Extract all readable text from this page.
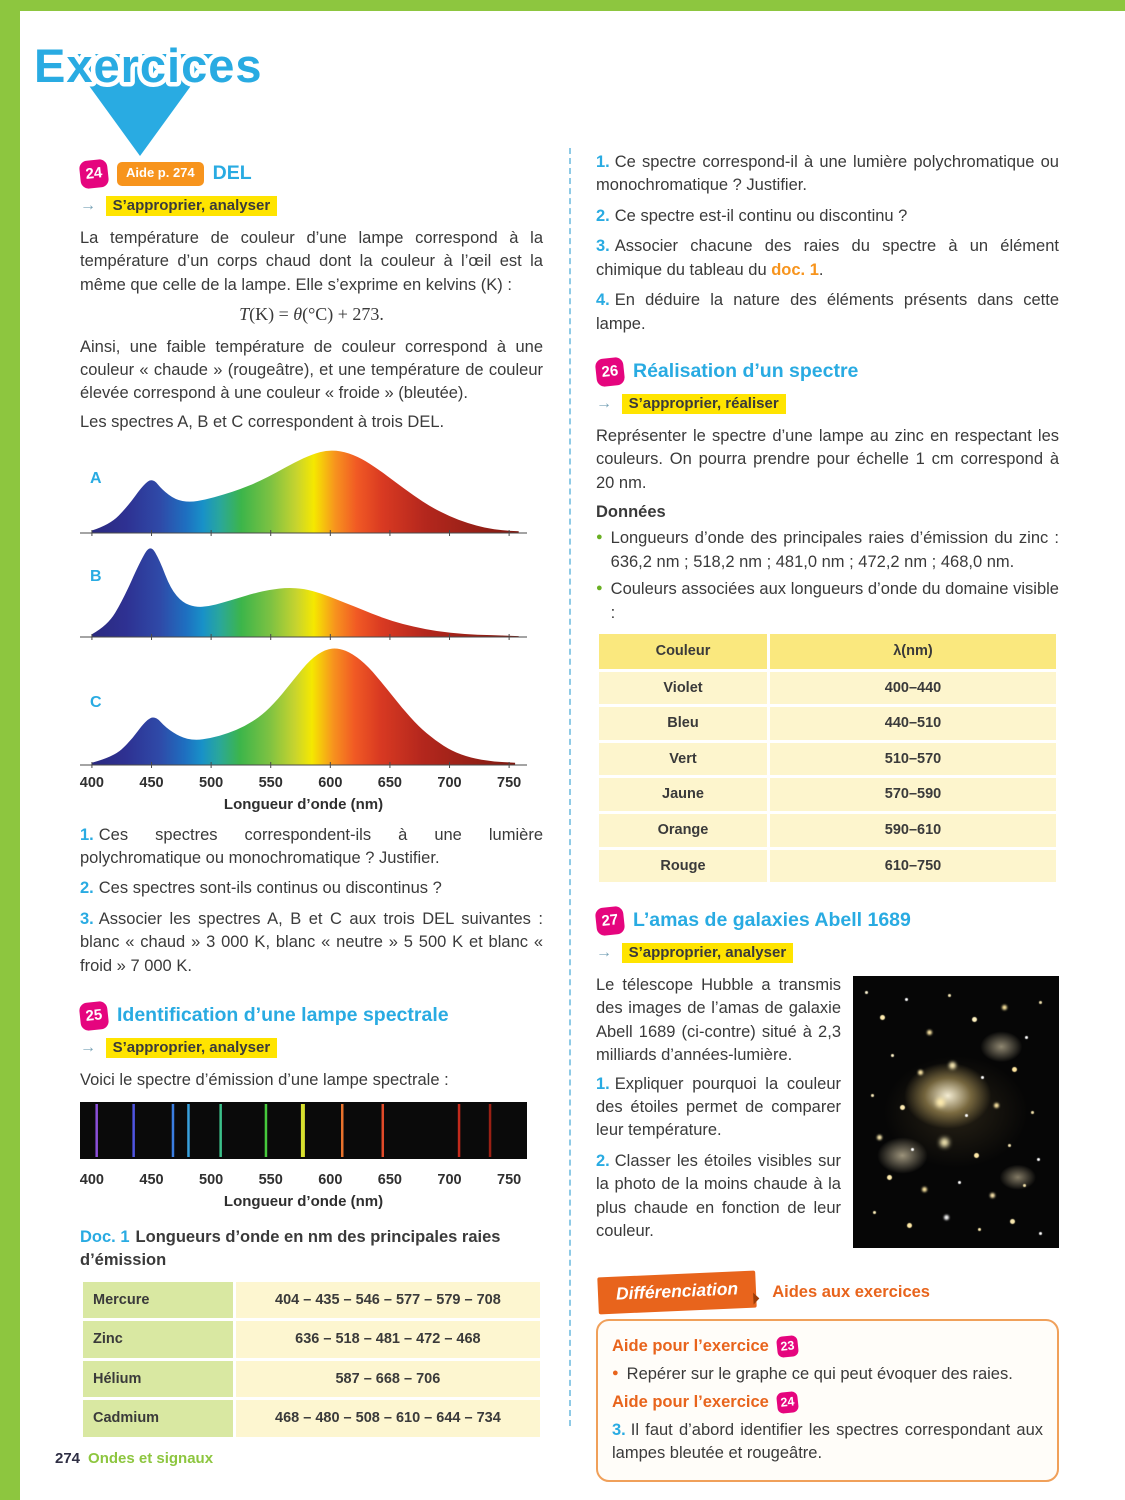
Exercices
24	Aide p. 274 DEL
→ S’approprier, analyser

La température de couleur d’une lampe correspond à la température d’un corps chaud dont la couleur à l’œil est la même que celle de la lampe. Elle s’exprime en kelvins (K) :

T(K) = θ(°C) + 273.

Ainsi, une faible température de couleur correspond à une couleur « chaude » (rougeâtre), et une température de couleur élevée correspond à une couleur « froide » (bleutée).

Les spectres A, B et C correspondent à trois DEL.

A
B
C
400 450 500 550 600 650 700 750
Longueur d’onde (nm)

1. Ces spectres correspondent-ils à une lumière polychromatique ou monochromatique ? Justifier.

2. Ces spectres sont-ils continus ou discontinus ?

3. Associer les spectres A, B et C aux trois DEL suivantes : blanc « chaud » 3 000 K, blanc « neutre » 5 500 K et blanc « froid » 7 000 K.

25 Identification d’une lampe spectrale
→ S’approprier, analyser

Voici le spectre d’émission d’une lampe spectrale :

400 450 500 550 600 650 700 750
Longueur d’onde (nm)

Doc. 1 Longueurs d’onde en nm des principales raies d’émission

Mercure	404 – 435 – 546 – 577 – 579 – 708
Zinc	636 – 518 – 481 – 472 – 468
Hélium	587 – 668 – 706
Cadmium	468 – 480 – 508 – 610 – 644 – 734

1. Ce spectre correspond-il à une lumière polychromatique ou monochromatique ? Justifier.

2. Ce spectre est-il continu ou discontinu ?

3. Associer chacune des raies du spectre à un élément chimique du tableau du doc. 1.

4. En déduire la nature des éléments présents dans cette lampe.

26 Réalisation d’un spectre
→ S’approprier, réaliser

Représenter le spectre d’une lampe au zinc en respectant les couleurs. On pourra prendre pour échelle 1 cm correspond à 20 nm.

Données

● Longueurs d’onde des principales raies d’émission du zinc : 636,2 nm ; 518,2 nm ; 481,0 nm ; 472,2 nm ; 468,0 nm.
● Couleurs associées aux longueurs d’onde du domaine visible :
Couleur	λ(nm)
Violet	400–440
Bleu	440–510
Vert	510–570
Jaune	570–590
Orange	590–610
Rouge	610–750
27 L’amas de galaxies Abell 1689
→ S’approprier, analyser

Le télescope Hubble a transmis des images de l’amas de galaxie Abell 1689 (ci-contre) situé à 2,3 milliards d’années-lumière.

1. Expliquer pourquoi la couleur des étoiles permet de comparer leur température.

2. Classer les étoiles visibles sur la photo de la moins chaude à la plus chaude en fonction de leur couleur.

Différenciation	Aides aux exercices

Aide pour l’exercice 23

● Repérer sur le graphe ce qui peut évoquer des raies.

Aide pour l’exercice 24

3. Il faut d’abord identifier les spectres correspondant aux lampes bleutée et rougeâtre.

274 Ondes et signaux
